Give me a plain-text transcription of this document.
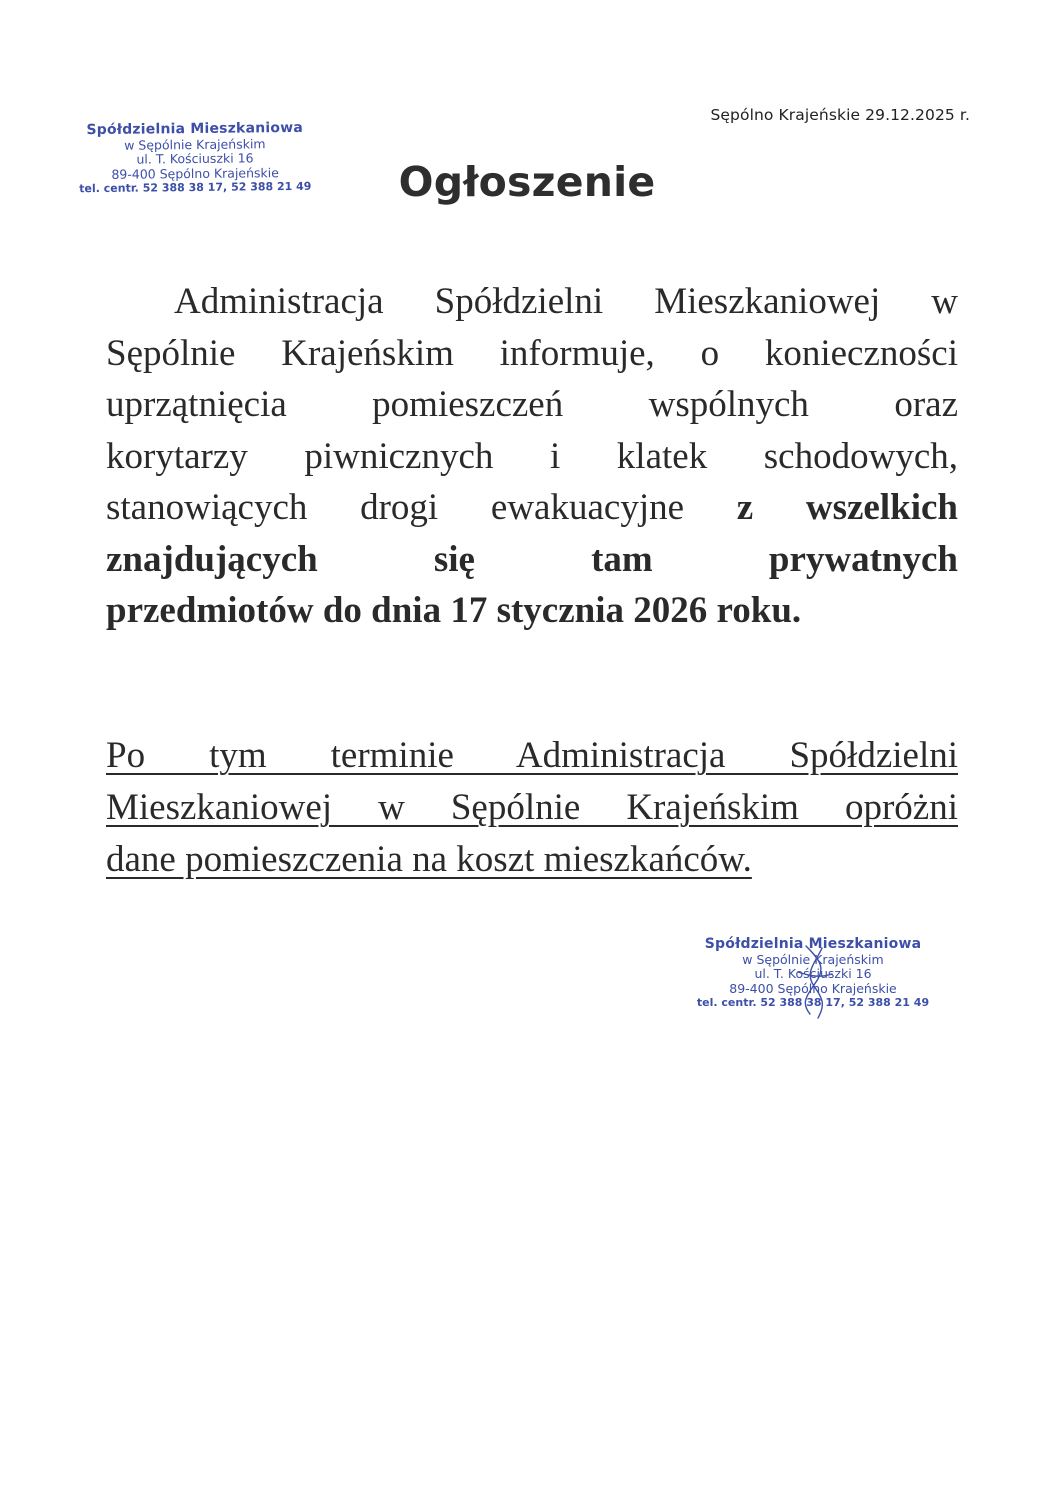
Sępólno Krajeńskie 29.12.2025 r.
Spółdzielnia Mieszkaniowa
w Sępólnie Krajeńskim
ul. T. Kościuszki 16
89-400 Sępólno Krajeńskie
tel. centr. 52 388 38 17, 52 388 21 49	Ogłoszenie
Administracja Spółdzielni Mieszkaniowej w
Sępólnie Krajeńskim informuje, o konieczności
uprzątnięcia pomieszczeń wspólnych oraz
korytarzy piwnicznych i klatek schodowych,
stanowiących drogi ewakuacyjne z wszelkich
znajdujących się tam prywatnych
przedmiotów do dnia 17 stycznia 2026 roku.
Po tym terminie Administracja Spółdzielni
Mieszkaniowej w Sępólnie Krajeńskim opróżni
dane pomieszczenia na koszt mieszkańców.
Spółdzielnia Mieszkaniowa
w Sępólnie Krajeńskim
ul. T. Kościuszki 16
89-400 Sępólno Krajeńskie
tel. centr. 52 388 38 17, 52 388 21 49
